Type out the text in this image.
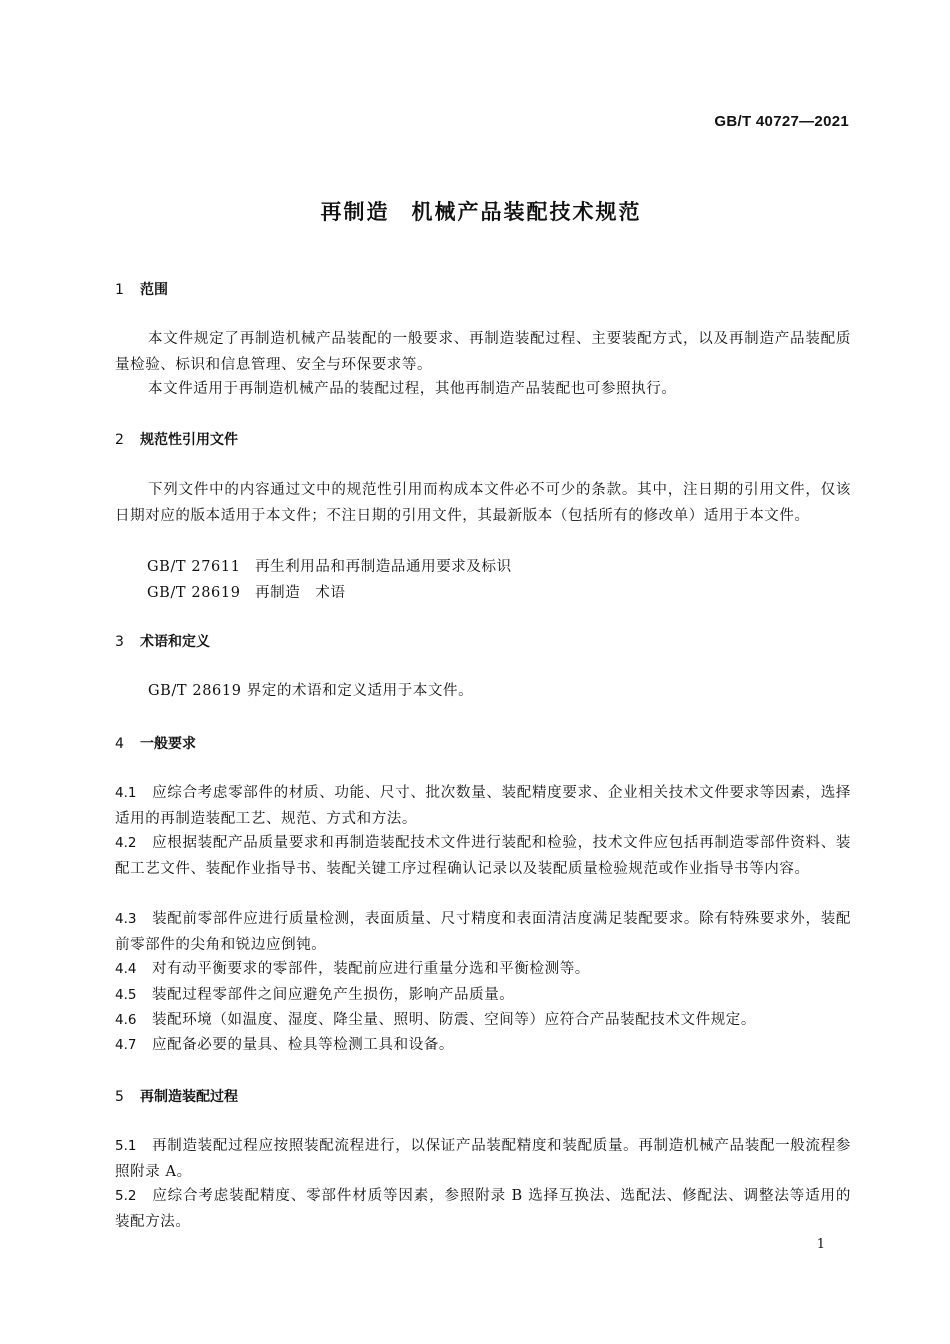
GB/T 40727—2021
再制造 机械产品装配技术规范
1 范围
本文件规定了再制造机械产品装配的一般要求、再制造装配过程、主要装配方式，以及再制造产品装配质量检验、标识和信息管理、安全与环保要求等。
本文件适用于再制造机械产品的装配过程，其他再制造产品装配也可参照执行。
2 规范性引用文件
下列文件中的内容通过文中的规范性引用而构成本文件必不可少的条款。其中，注日期的引用文件，仅该日期对应的版本适用于本文件；不注日期的引用文件，其最新版本（包括所有的修改单）适用于本文件。
GB/T 27611 再生利用品和再制造品通用要求及标识
GB/T 28619 再制造　术语
3 术语和定义
GB/T 28619 界定的术语和定义适用于本文件。
4 一般要求
4.1 应综合考虑零部件的材质、功能、尺寸、批次数量、装配精度要求、企业相关技术文件要求等因素，选择适用的再制造装配工艺、规范、方式和方法。
4.2 应根据装配产品质量要求和再制造装配技术文件进行装配和检验，技术文件应包括再制造零部件资料、装配工艺文件、装配作业指导书、装配关键工序过程确认记录以及装配质量检验规范或作业指导书等内容。
4.3 装配前零部件应进行质量检测，表面质量、尺寸精度和表面清洁度满足装配要求。除有特殊要求外，装配前零部件的尖角和锐边应倒钝。
4.4 对有动平衡要求的零部件，装配前应进行重量分选和平衡检测等。
4.5 装配过程零部件之间应避免产生损伤，影响产品质量。
4.6 装配环境（如温度、湿度、降尘量、照明、防震、空间等）应符合产品装配技术文件规定。
4.7 应配备必要的量具、检具等检测工具和设备。
5 再制造装配过程
5.1 再制造装配过程应按照装配流程进行，以保证产品装配精度和装配质量。再制造机械产品装配一般流程参照附录 A。
5.2 应综合考虑装配精度、零部件材质等因素，参照附录 B 选择互换法、选配法、修配法、调整法等适用的装配方法。
1
